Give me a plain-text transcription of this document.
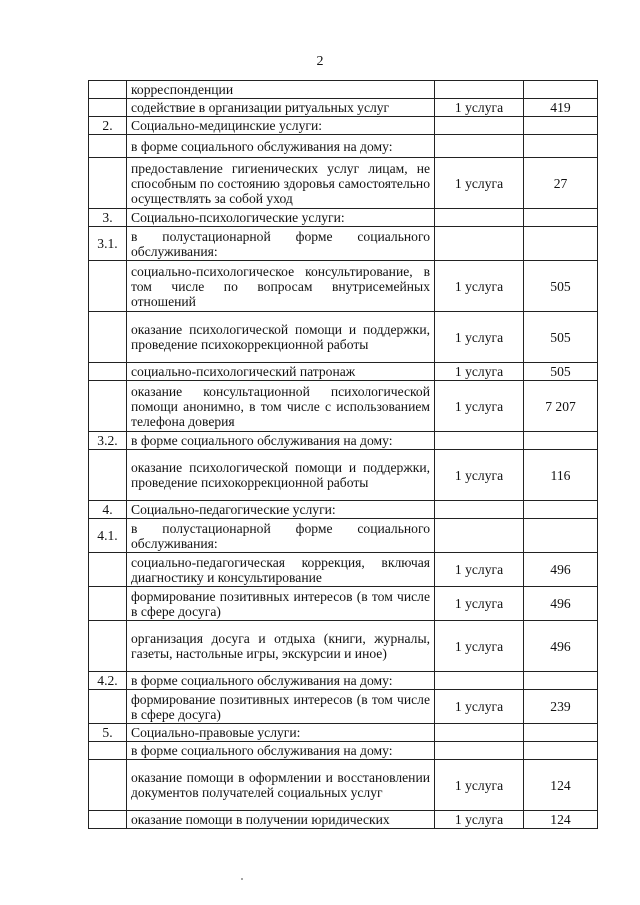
2
	корреспонденции		
	содействие в организации ритуальных услуг	1 услуга	419
2.	Социально-медицинские услуги:		
	в форме социального обслуживания на дому:		
	предоставление гигиенических услуг лицам, не способным по состоянию здоровья самостоятельно осуществлять за собой уход	1 услуга	27
3.	Социально-психологические услуги:		
3.1.	в полустационарной форме социального обслуживания:		
	социально-психологическое консультирование, в том числе по вопросам внутрисемейных отношений	1 услуга	505
	оказание психологической помощи и поддержки, проведение психокоррекционной работы	1 услуга	505
	социально-психологический патронаж	1 услуга	505
	оказание консультационной психологической помощи анонимно, в том числе с использованием телефона доверия	1 услуга	7 207
3.2.	в форме социального обслуживания на дому:		
	оказание психологической помощи и поддержки, проведение психокоррекционной работы	1 услуга	116
4.	Социально-педагогические услуги:		
4.1.	в полустационарной форме социального обслуживания:		
	социально-педагогическая коррекция, включая диагностику и консультирование	1 услуга	496
	формирование позитивных интересов (в том числе в сфере досуга)	1 услуга	496
	организация досуга и отдыха (книги, журналы, газеты, настольные игры, экскурсии и иное)	1 услуга	496
4.2.	в форме социального обслуживания на дому:		
	формирование позитивных интересов (в том числе в сфере досуга)	1 услуга	239
5.	Социально-правовые услуги:		
	в форме социального обслуживания на дому:		
	оказание помощи в оформлении и восстановлении документов получателей социальных услуг	1 услуга	124
	оказание помощи в получении юридических	1 услуга	124
